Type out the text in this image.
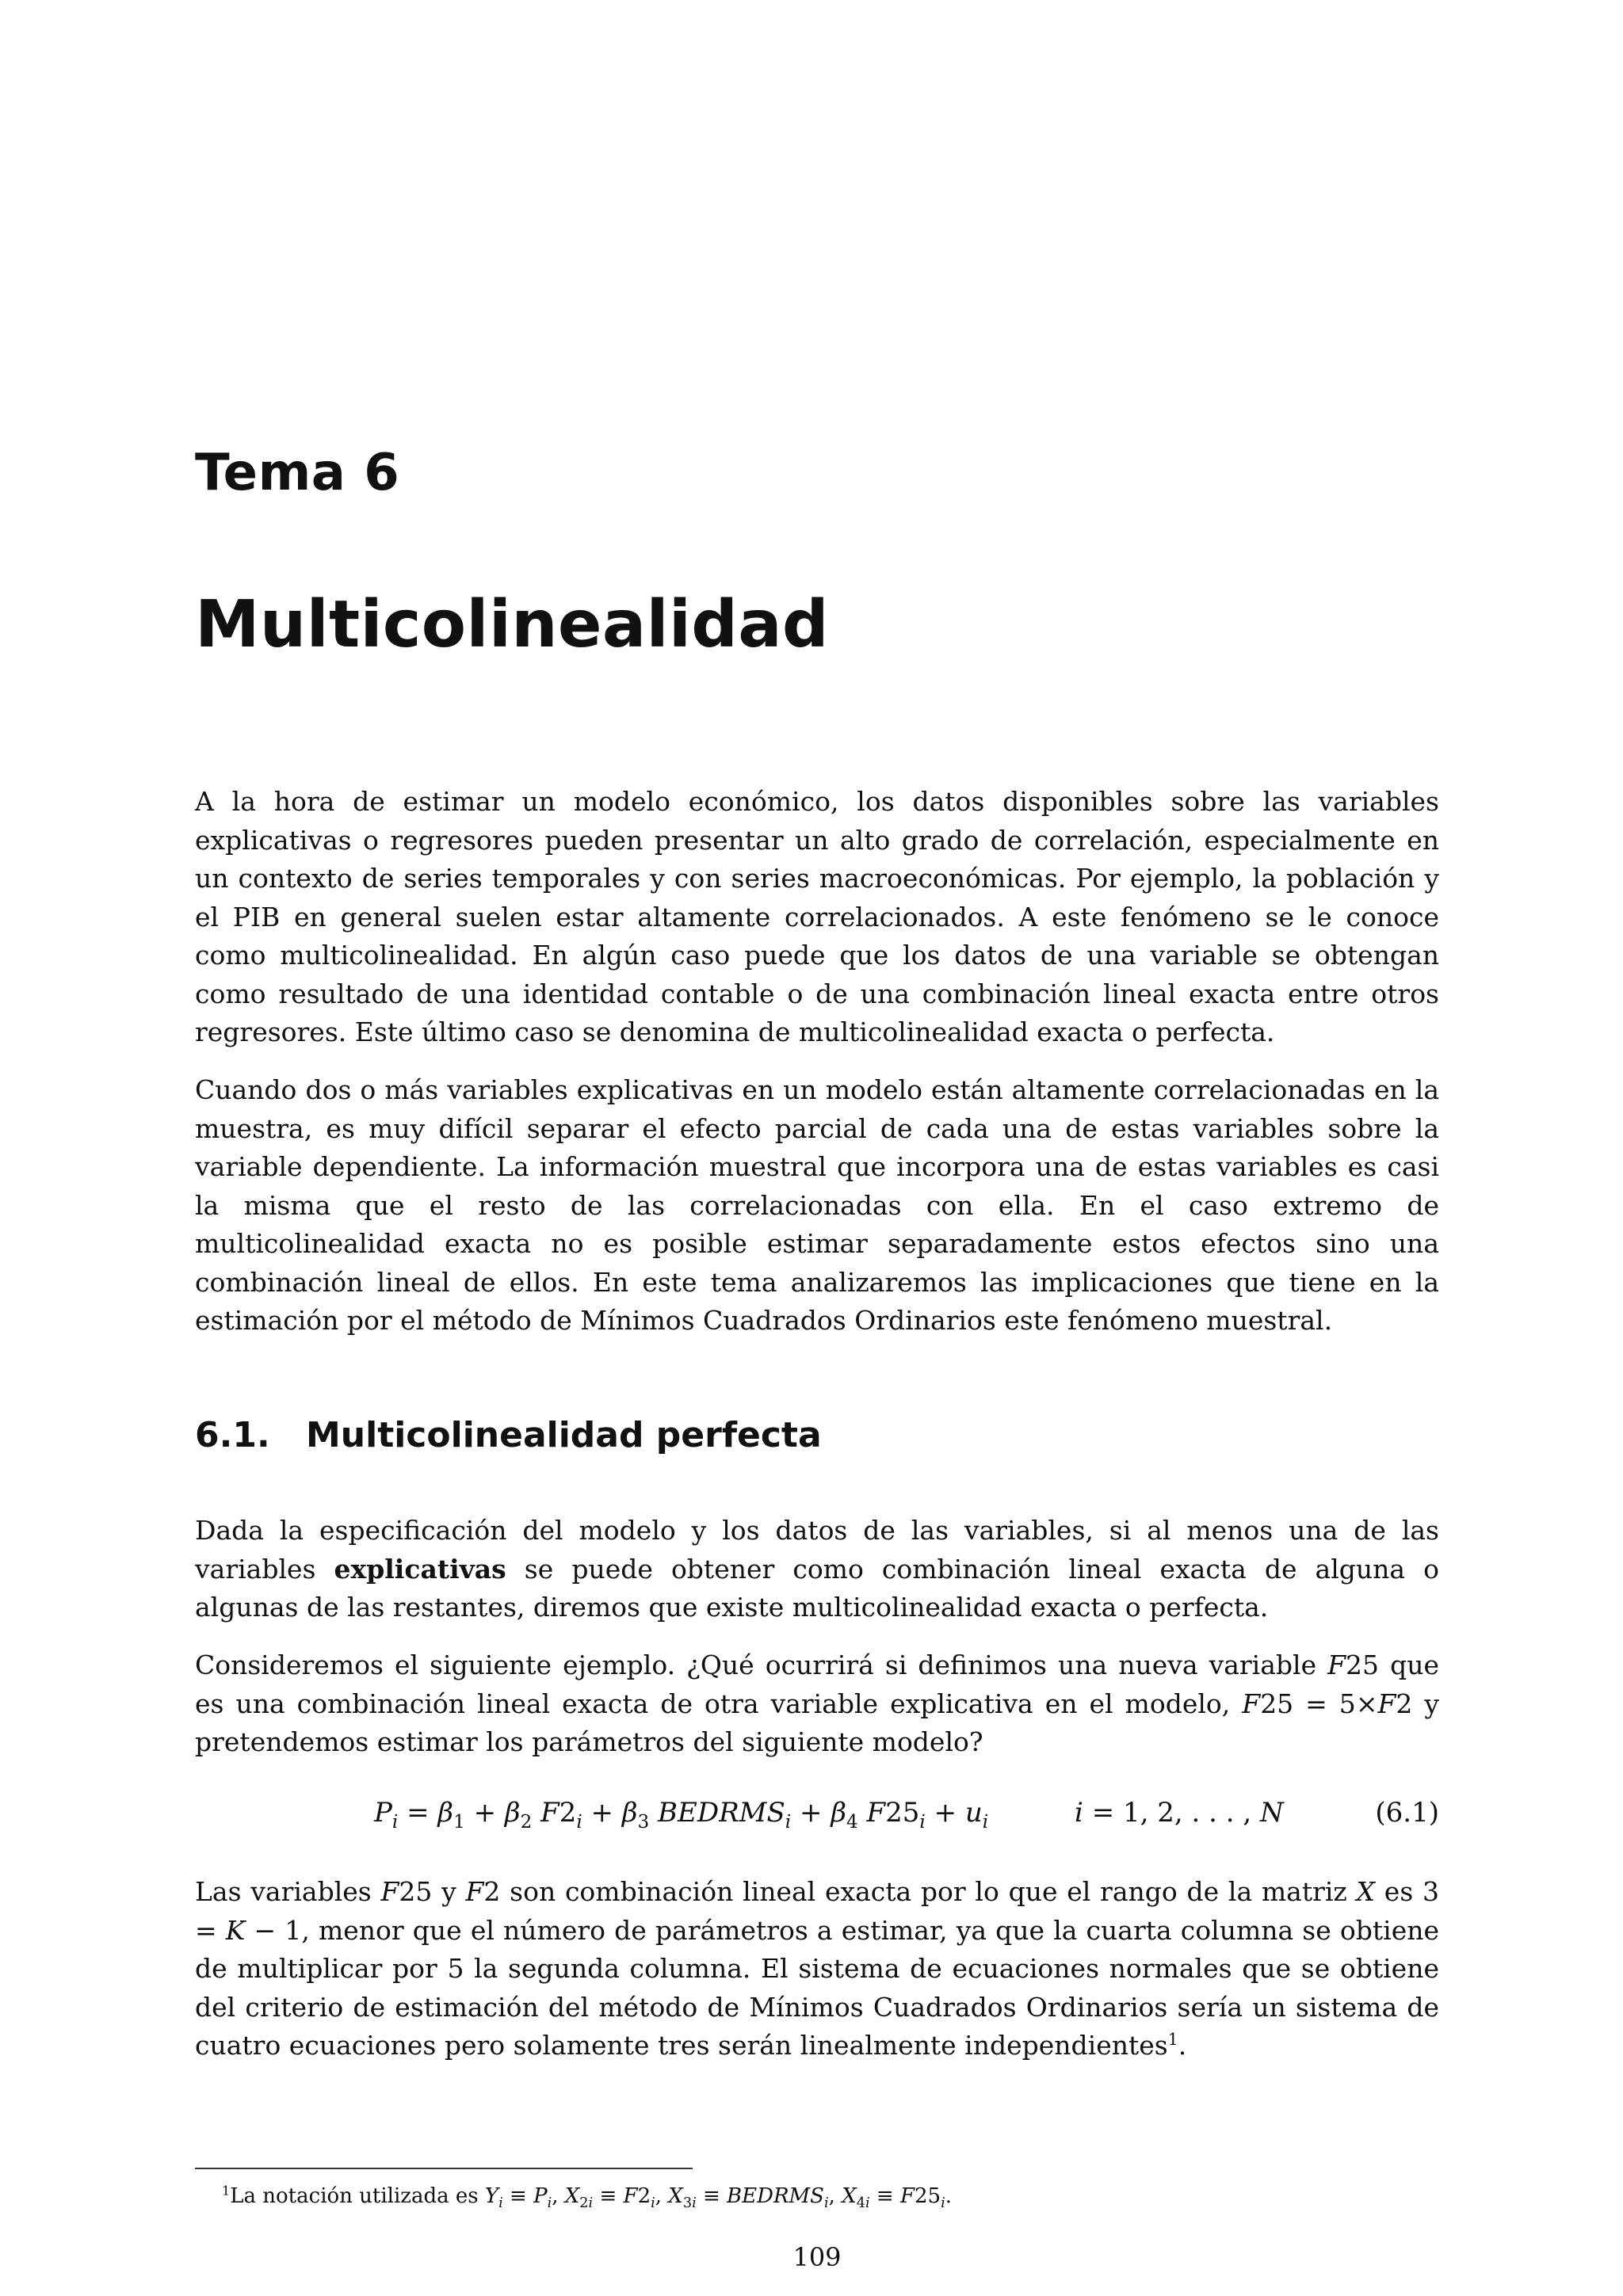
Tema 6
Multicolinealidad

A la hora de estimar un modelo económico, los datos disponibles sobre las variables explicativas o regresores pueden presentar un alto grado de correlación, especialmente en un contexto de series temporales y con series macroeconómicas. Por ejemplo, la población y el PIB en general suelen estar altamente correlacionados. A este fenómeno se le conoce como multicolinealidad. En algún caso puede que los datos de una variable se obtengan como resultado de una identidad contable o de una combinación lineal exacta entre otros regresores. Este último caso se denomina de multicolinealidad exacta o perfecta.

Cuando dos o más variables explicativas en un modelo están altamente correlacionadas en la muestra, es muy difícil separar el efecto parcial de cada una de estas variables sobre la variable dependiente. La información muestral que incorpora una de estas variables es casi la misma que el resto de las correlacionadas con ella. En el caso extremo de multicolinealidad exacta no es posible estimar separadamente estos efectos sino una combinación lineal de ellos. En este tema analizaremos las implicaciones que tiene en la estimación por el método de Mínimos Cuadrados Ordinarios este fenómeno muestral.

6.1. Multicolinealidad perfecta

Dada la especificación del modelo y los datos de las variables, si al menos una de las variables explicativas se puede obtener como combinación lineal exacta de alguna o algunas de las restantes, diremos que existe multicolinealidad exacta o perfecta.

Consideremos el siguiente ejemplo. ¿Qué ocurrirá si definimos una nueva variable F25 que es una combinación lineal exacta de otra variable explicativa en el modelo, F25 = 5×F2 y pretendemos estimar los parámetros del siguiente modelo?

$P_i = \beta_1 + \beta_2$ $F2_i + \beta_3$ $BEDRMS_i + \beta_4$ $F25_i + u_i$	i = 1, 2, . . . , N	(6.1)

Las variables F25 y F2 son combinación lineal exacta por lo que el rango de la matriz X es 3 = K − 1, menor que el número de parámetros a estimar, ya que la cuarta columna se obtiene de multiplicar por 5 la segunda columna. El sistema de ecuaciones normales que se obtiene del criterio de estimación del método de Mínimos Cuadrados Ordinarios sería un sistema de cuatro ecuaciones pero solamente tres serán linealmente independientes$^1$.

$^1$La notación utilizada es $Y_i \equiv P_i$, $X_{2i} \equiv F2_i$, $X_{3i}$ ≡ $BEDRMS_i$, $X_{4i} \equiv F25_i$.
109
